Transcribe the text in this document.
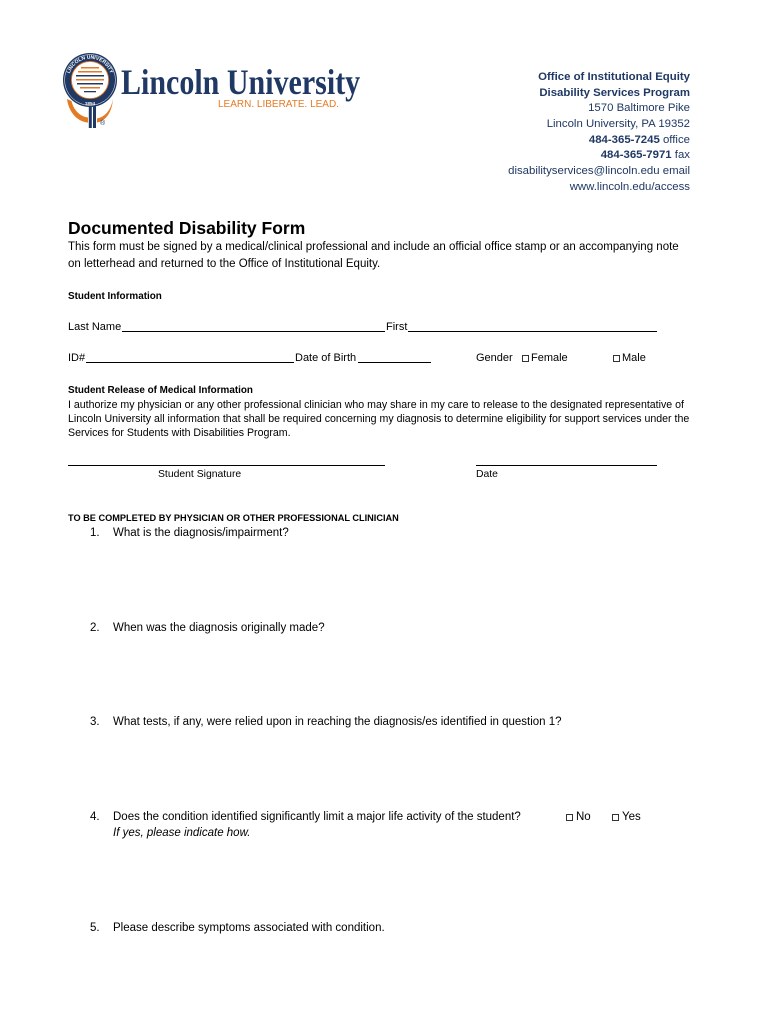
LINCOLN UNIVERSITY
1854
Lincoln University
LEARN. LIBERATE. LEAD.
®
Office of Institutional Equity
Disability Services Program
1570 Baltimore Pike
Lincoln University, PA 19352
484-365-7245 office
484-365-7971 fax
disabilityservices@lincoln.edu email
www.lincoln.edu/access
Documented Disability Form
This form must be signed by a medical/clinical professional and include an official office stamp or an accompanying note
on letterhead and returned to the Office of Institutional Equity.
Student Information
Last Name	First
ID#	Date of Birth	Gender Female	Male
Student Release of Medical Information
I authorize my physician or any other professional clinician who may share in my care to release to the designated representative of
Lincoln University all information that shall be required concerning my diagnosis to determine eligibility for support services under the
Services for Students with Disabilities Program.
Student Signature	Date
TO BE COMPLETED BY PHYSICIAN OR OTHER PROFESSIONAL CLINICIAN
1. What is the diagnosis/impairment?
2. When was the diagnosis originally made?
3. What tests, if any, were relied upon in reaching the diagnosis/es identified in question 1?
4. Does the condition identified significantly limit a major life activity of the student?	No	Yes
If yes, please indicate how.
5. Please describe symptoms associated with condition.
